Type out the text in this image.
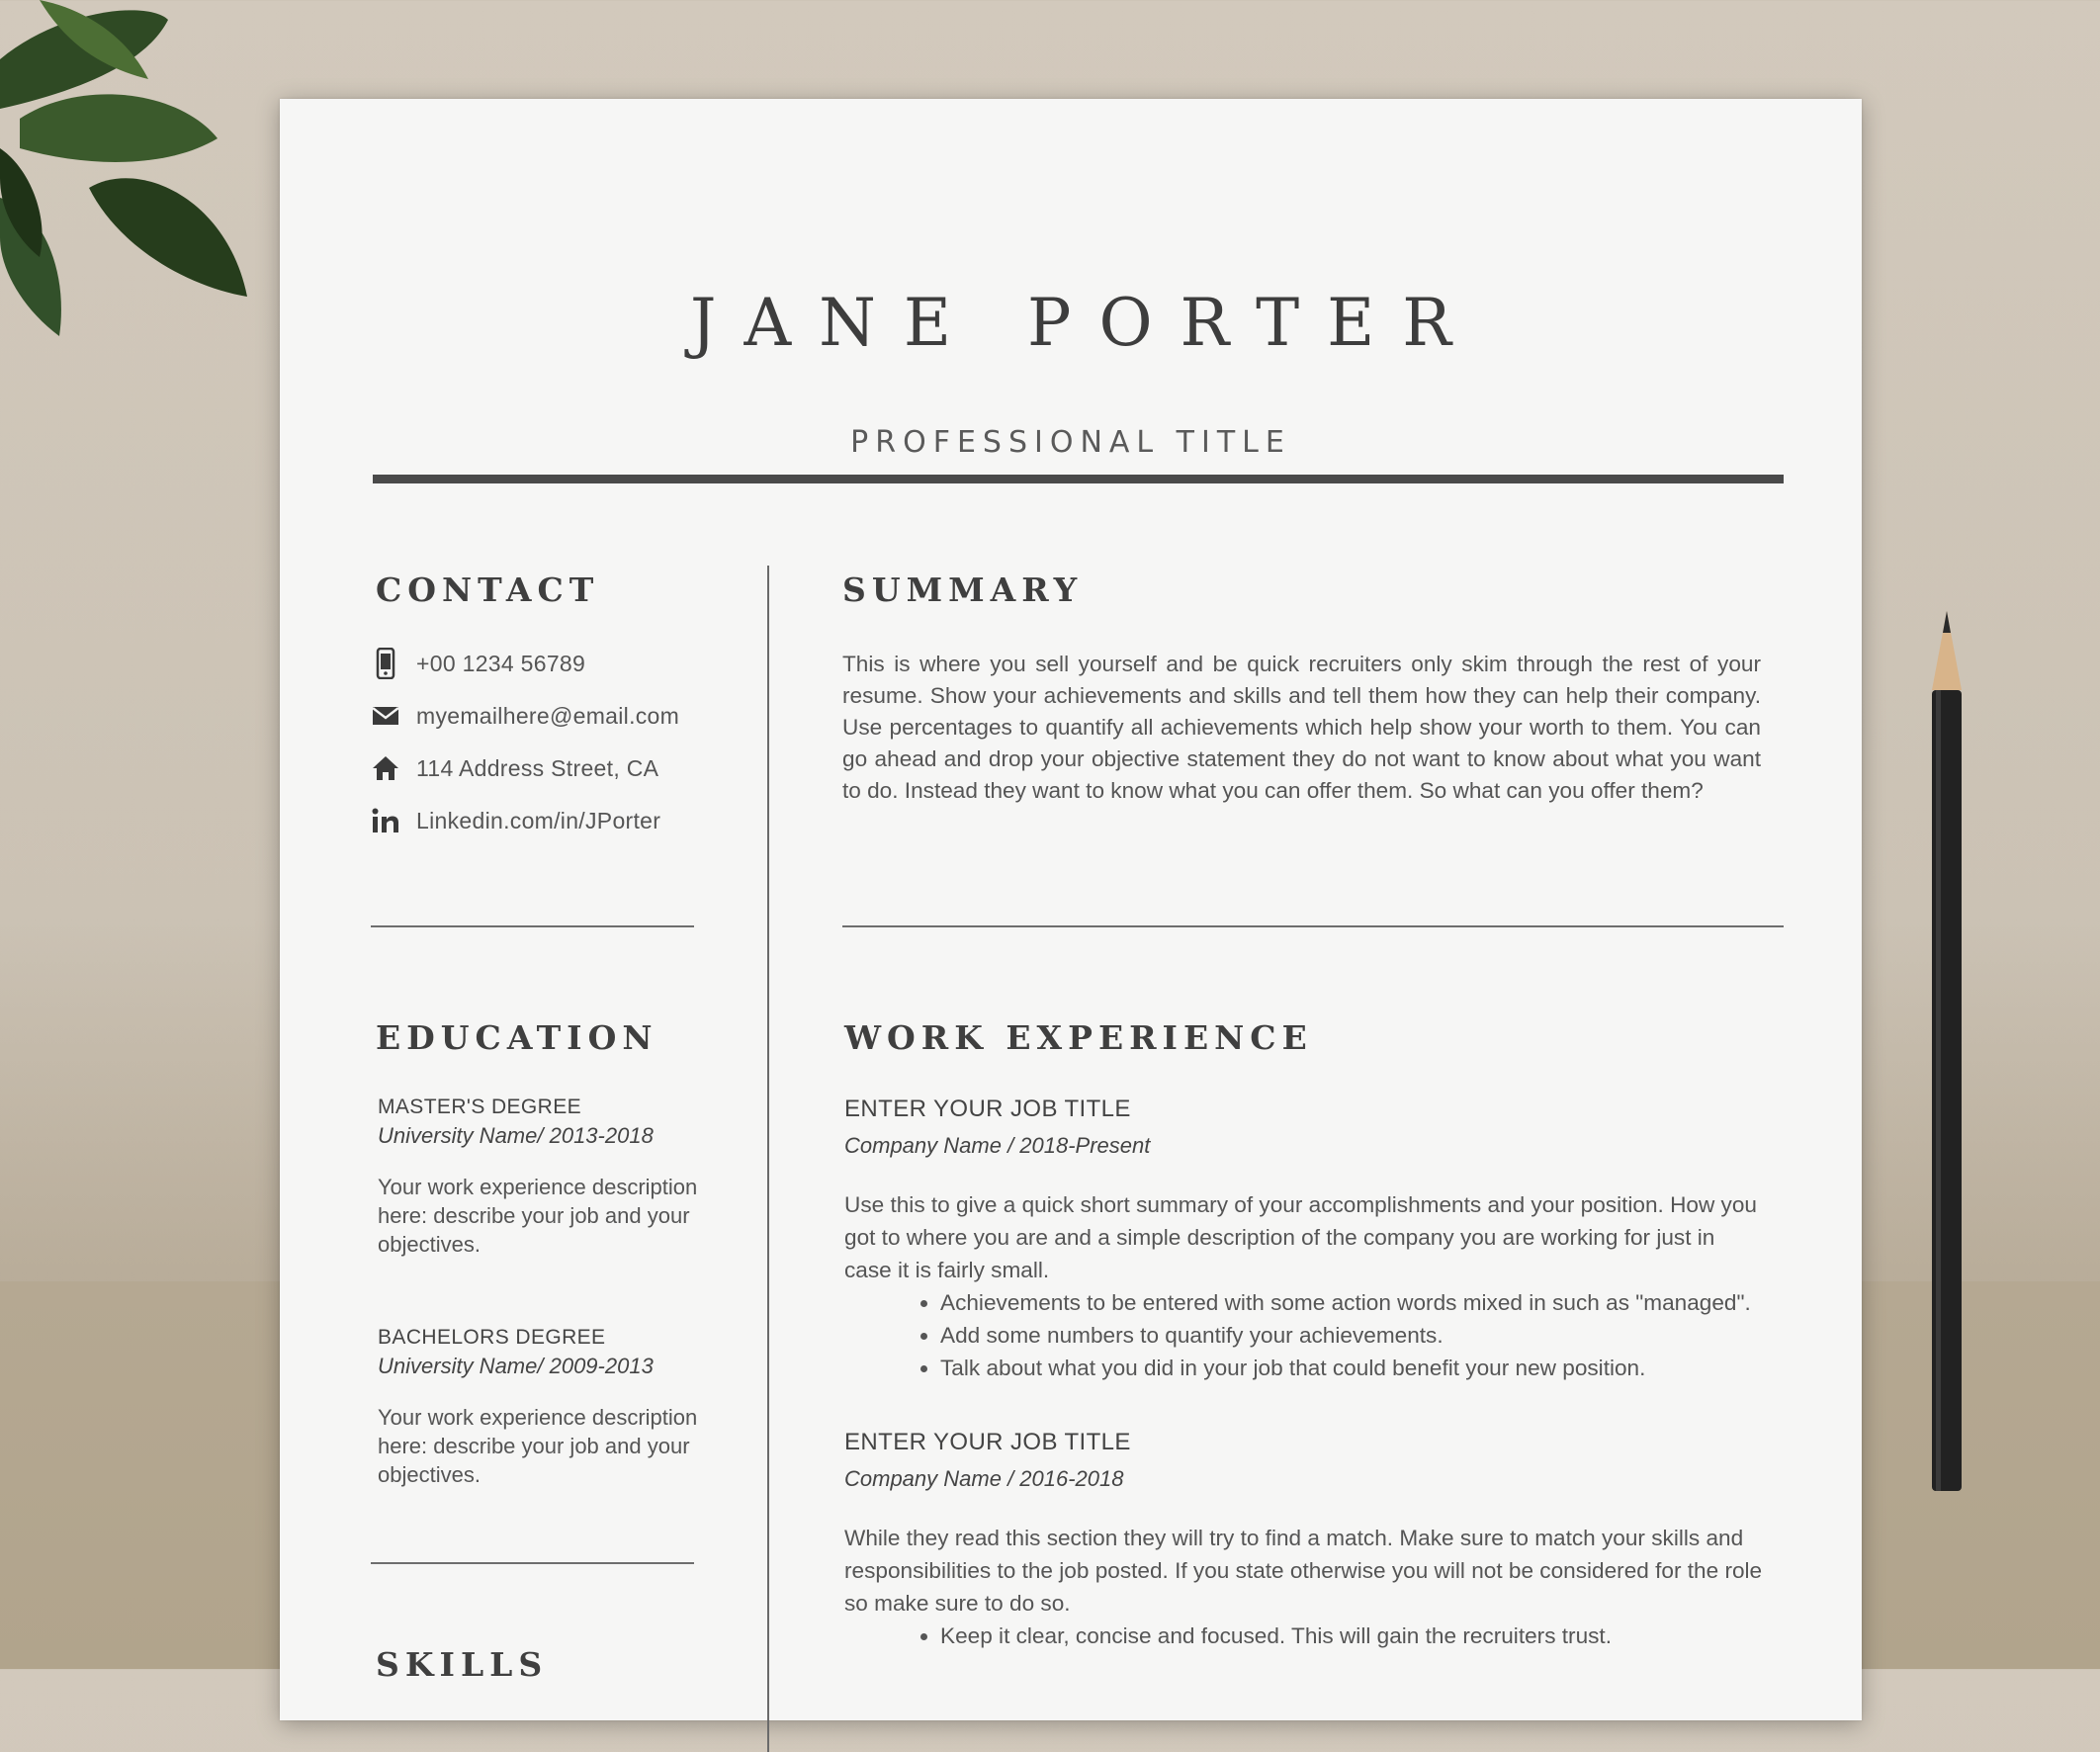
JANE PORTER
PROFESSIONAL TITLE
CONTACT
+00 1234 56789
myemailhere@email.com
114 Address Street, CA
Linkedin.com/in/JPorter
EDUCATION
MASTER'S DEGREE
University Name/ 2013-2018
Your work experience description here: describe your job and your objectives.
BACHELORS DEGREE
University Name/ 2009-2013
Your work experience description here: describe your job and your objectives.
SKILLS
SUMMARY

This is where you sell yourself and be quick recruiters only skim through the rest of your resume. Show your achievements and skills and tell them how they can help their company. Use percentages to quantify all achievements which help show your worth to them. You can go ahead and drop your objective statement they do not want to know about what you want to do. Instead they want to know what you can offer them. So what can you offer them?

WORK EXPERIENCE
ENTER YOUR JOB TITLE
Company Name / 2018-Present
Use this to give a quick short summary of your accomplishments and your position. How you got to where you are and a simple description of the company you are working for just in case it is fairly small.
• Achievements to be entered with some action words mixed in such as "managed".
• Add some numbers to quantify your achievements.
• Talk about what you did in your job that could benefit your new position.
ENTER YOUR JOB TITLE
Company Name / 2016-2018
While they read this section they will try to find a match. Make sure to match your skills and responsibilities to the job posted. If you state otherwise you will not be considered for the role so make sure to do so.
• Keep it clear, concise and focused. This will gain the recruiters trust.
